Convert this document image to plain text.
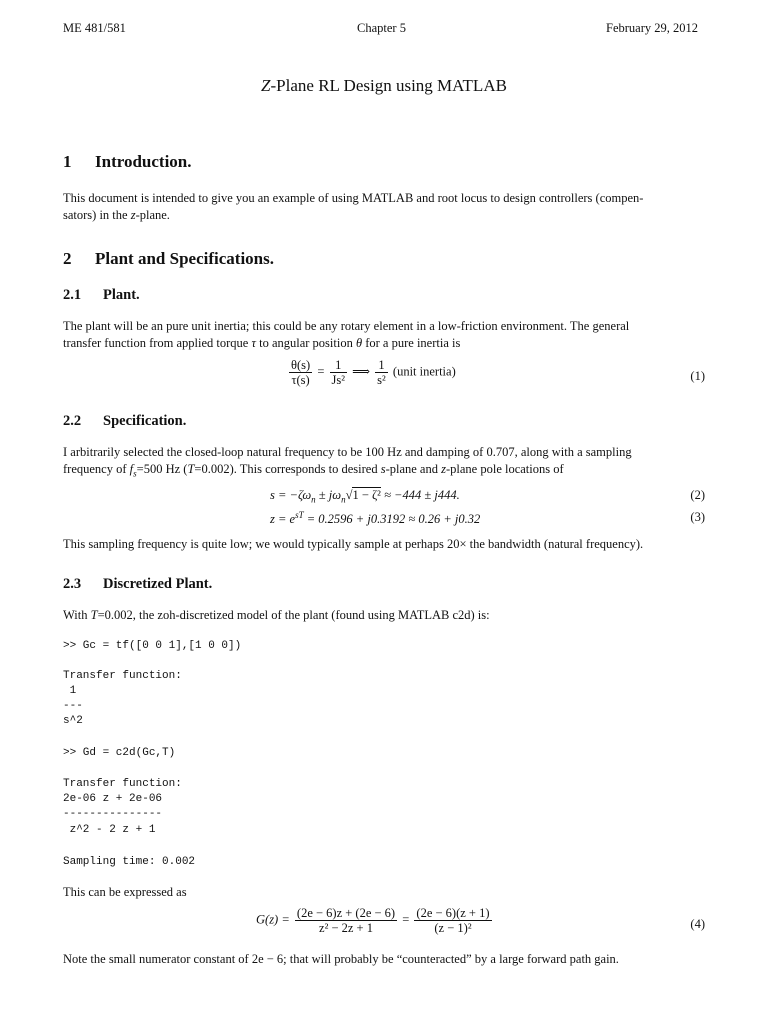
ME 481/581	Chapter 5	February 29, 2012
Z-Plane RL Design using MATLAB
1 Introduction.
This document is intended to give you an example of using MATLAB and root locus to design controllers (compen-
sators) in the z-plane.
2 Plant and Specifications.
2.1 Plant.
The plant will be an pure unit inertia; this could be any rotary element in a low-friction environment. The general
transfer function from applied torque τ to angular position θ for a pure inertia is
$\frac{\theta(s)}{\tau(s)} = \frac{1}{\text{Js²}}$ ⟹ $\frac{1}{\text{s²}}$ (unit inertia)	(1)
2.2 Specification.
I arbitrarily selected the closed-loop natural frequency to be 100 Hz and damping of 0.707, along with a sampling
frequency of $f_s=500$ Hz (T=0.002). This corresponds to desired s-plane and z-plane pole locations of
$s = -\zeta\omega_n \pm j\omega_n√1 - \zeta^2 \approx -444 \pm j444$.	(2)
$z = e^{sT} = 0.2596 + j0.3192 \approx 0.26 + j0.32$	(3)
This sampling frequency is quite low; we would typically sample at perhaps 20× the bandwidth (natural frequency).
2.3 Discretized Plant.
With T=0.002, the zoh-discretized model of the plant (found using MATLAB c2d) is:
>> Gc = tf([0 0 1],[1 0 0])
Transfer function:
1
---
s^2
>> Gd = c2d(Gc,T)
Transfer function:
2e-06 z + 2e-06
---------------
z^2 - 2 z + 1
Sampling time: 0.002
This can be expressed as
$G(z) = \frac{(2e - 6)z + (2e - 6)}{\text{z² − 2z + 1}} = \frac{(2e - 6)(z + 1)}{\text{(z − 1)²}}$	(4)
Note the small numerator constant of 2e − 6; that will probably be “counteracted” by a large forward path gain.
